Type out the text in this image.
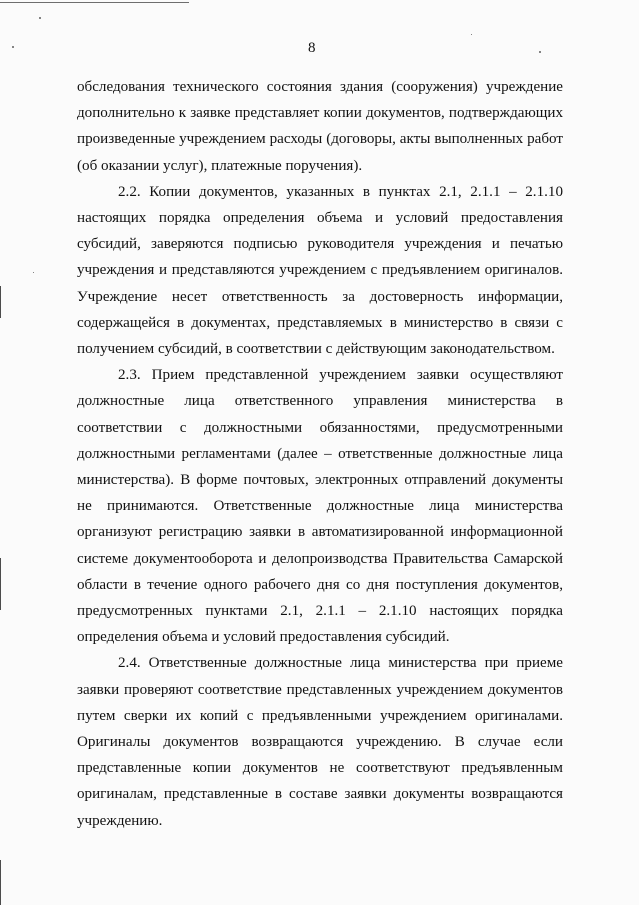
8

обследования технического состояния здания (сооружения) учреждение дополнительно к заявке представляет копии документов, подтверждающих произведенные учреждением расходы (договоры, акты выполненных работ (об оказании услуг), платежные поручения).

2.2. Копии документов, указанных в пунктах 2.1, 2.1.1 – 2.1.10 настоящих порядка определения объема и условий предоставления субсидий, заверяются подписью руководителя учреждения и печатью учреждения и представляются учреждением с предъявлением оригиналов. Учреждение несет ответственность за достоверность информации, содержащейся в документах, представляемых в министерство в связи с получением субсидий, в соответствии с действующим законодательством.

2.3. Прием представленной учреждением заявки осуществляют должностные лица ответственного управления министерства в соответствии с должностными обязанностями, предусмотренными должностными регламентами (далее – ответственные должностные лица министерства). В форме почтовых, электронных отправлений документы не принимаются. Ответственные должностные лица министерства организуют регистрацию заявки в автоматизированной информационной системе документооборота и делопроизводства Правительства Самарской области в течение одного рабочего дня со дня поступления документов, предусмотренных пунктами 2.1, 2.1.1 – 2.1.10 настоящих порядка определения объема и условий предоставления субсидий.

2.4. Ответственные должностные лица министерства при приеме заявки проверяют соответствие представленных учреждением документов путем сверки их копий с предъявленными учреждением оригиналами. Оригиналы документов возвращаются учреждению. В случае если представленные копии документов не соответствуют предъявленным оригиналам, представленные в составе заявки документы возвращаются учреждению.
